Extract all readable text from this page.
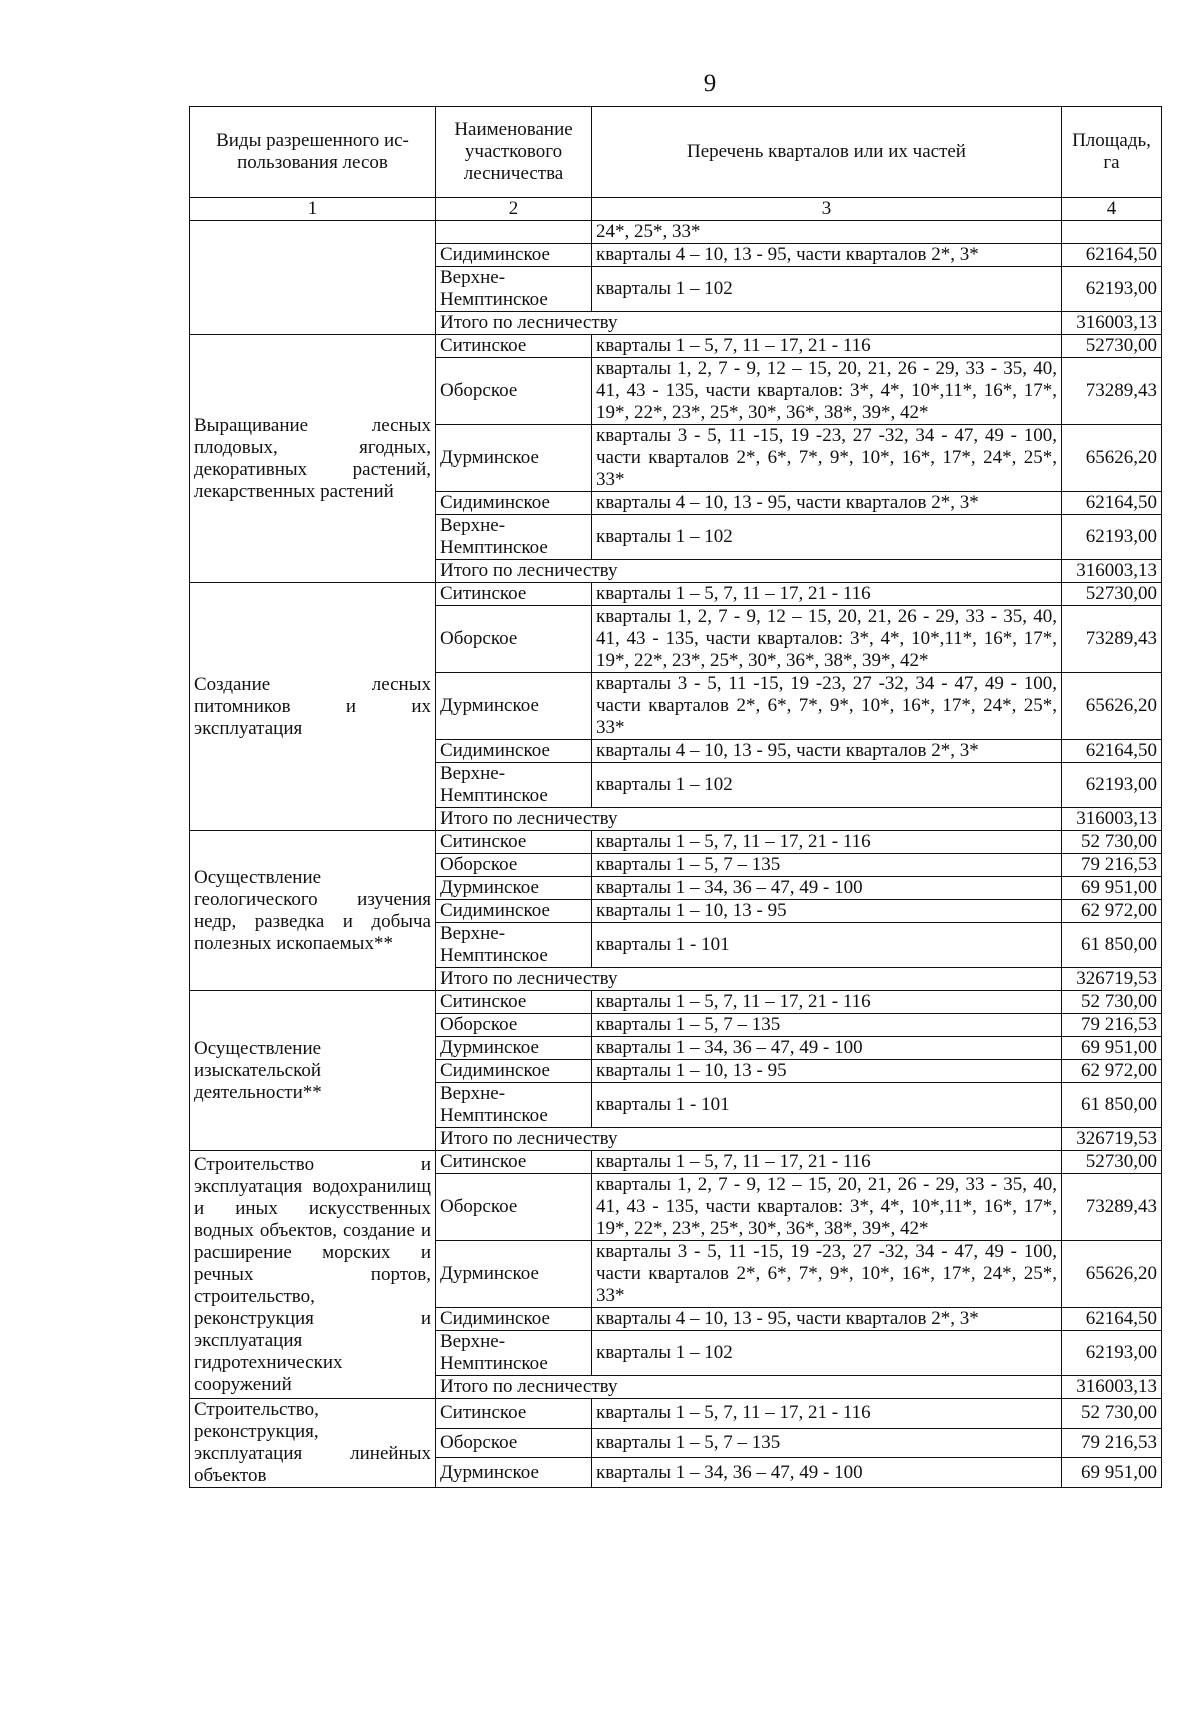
9
Виды разрешенного ис-пользования лесов	Наименование участкового лесничества	Перечень кварталов или их частей	Площадь, га
1	2	3	4
		24*, 25*, 33*	
	Сидиминское	кварталы 4 – 10, 13 - 95, части кварталов 2*, 3*	62164,50
	Верхне-Немптинское	кварталы 1 – 102	62193,00
	Итого по лесничеству		316003,13
Выращивание лесных плодовых, ягодных, декоративных растений, лекарственных растений	Ситинское	кварталы 1 – 5, 7, 11 – 17, 21 - 116	52730,00
	Оборское	кварталы 1, 2, 7 - 9, 12 – 15, 20, 21, 26 - 29, 33 - 35, 40, 41, 43 - 135, части кварталов: 3*, 4*, 10*,11*, 16*, 17*, 19*, 22*, 23*, 25*, 30*, 36*, 38*, 39*, 42*	73289,43
	Дурминское	кварталы 3 - 5, 11 -15, 19 -23, 27 -32, 34 - 47, 49 - 100, части кварталов 2*, 6*, 7*, 9*, 10*, 16*, 17*, 24*, 25*, 33*	65626,20
	Сидиминское	кварталы 4 – 10, 13 - 95, части кварталов 2*, 3*	62164,50
	Верхне-Немптинское	кварталы 1 – 102	62193,00
	Итого по лесничеству		316003,13
Создание лесных питомников и их эксплуатация	Ситинское	кварталы 1 – 5, 7, 11 – 17, 21 - 116	52730,00
	Оборское	кварталы 1, 2, 7 - 9, 12 – 15, 20, 21, 26 - 29, 33 - 35, 40, 41, 43 - 135, части кварталов: 3*, 4*, 10*,11*, 16*, 17*, 19*, 22*, 23*, 25*, 30*, 36*, 38*, 39*, 42*	73289,43
	Дурминское	кварталы 3 - 5, 11 -15, 19 -23, 27 -32, 34 - 47, 49 - 100, части кварталов 2*, 6*, 7*, 9*, 10*, 16*, 17*, 24*, 25*, 33*	65626,20
	Сидиминское	кварталы 4 – 10, 13 - 95, части кварталов 2*, 3*	62164,50
	Верхне-Немптинское	кварталы 1 – 102	62193,00
	Итого по лесничеству		316003,13
Осуществление геологического изучения недр, разведка и добыча полезных ископаемых**	Ситинское	кварталы 1 – 5, 7, 11 – 17, 21 - 116	52 730,00
	Оборское	кварталы 1 – 5, 7 – 135	79 216,53
	Дурминское	кварталы 1 – 34, 36 – 47, 49 - 100	69 951,00
	Сидиминское	кварталы 1 – 10, 13 - 95	62 972,00
	Верхне-Немптинское	кварталы 1 - 101	61 850,00
	Итого по лесничеству		326719,53
Осуществление изыскательской деятельности**	Ситинское	кварталы 1 – 5, 7, 11 – 17, 21 - 116	52 730,00
	Оборское	кварталы 1 – 5, 7 – 135	79 216,53
	Дурминское	кварталы 1 – 34, 36 – 47, 49 - 100	69 951,00
	Сидиминское	кварталы 1 – 10, 13 - 95	62 972,00
	Верхне-Немптинское	кварталы 1 - 101	61 850,00
	Итого по лесничеству		326719,53
Строительство и эксплуатация водохранилищ и иных искусственных водных объектов, создание и расширение морских и речных портов, строительство, реконструкция и эксплуатация гидротехнических сооружений	Ситинское	кварталы 1 – 5, 7, 11 – 17, 21 - 116	52730,00
	Оборское	кварталы 1, 2, 7 - 9, 12 – 15, 20, 21, 26 - 29, 33 - 35, 40, 41, 43 - 135, части кварталов: 3*, 4*, 10*,11*, 16*, 17*, 19*, 22*, 23*, 25*, 30*, 36*, 38*, 39*, 42*	73289,43
	Дурминское	кварталы 3 - 5, 11 -15, 19 -23, 27 -32, 34 - 47, 49 - 100, части кварталов 2*, 6*, 7*, 9*, 10*, 16*, 17*, 24*, 25*, 33*	65626,20
	Сидиминское	кварталы 4 – 10, 13 - 95, части кварталов 2*, 3*	62164,50
	Верхне-Немптинское	кварталы 1 – 102	62193,00
	Итого по лесничеству		316003,13
Строительство, реконструкция, эксплуатация линейных объектов	Ситинское	кварталы 1 – 5, 7, 11 – 17, 21 - 116	52 730,00
	Оборское	кварталы 1 – 5, 7 – 135	79 216,53
	Дурминское	кварталы 1 – 34, 36 – 47, 49 - 100	69 951,00
